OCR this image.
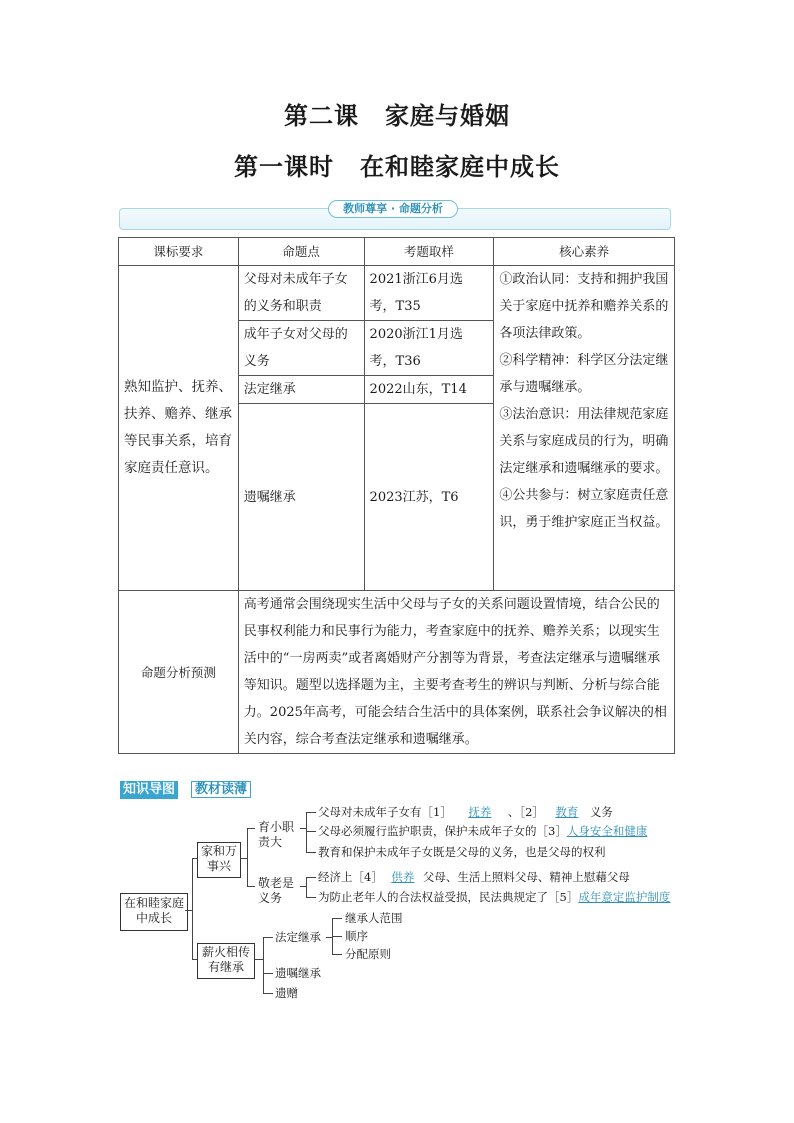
第二课 家庭与婚姻
第一课时 在和睦家庭中成长
教师尊享 · 命题分析
课标要求	命题点	考题取样	核心素养
熟知监护、抚养、扶养、赡养、继承等民事关系，培育家庭责任意识。	父母对未成年子女的义务和职责	2021浙江6月选考，T35	①政治认同：支持和拥护我国关于家庭中抚养和赡养关系的各项法律政策。
②科学精神：科学区分法定继承与遗嘱继承。
③法治意识：用法律规范家庭关系与家庭成员的行为，明确法定继承和遗嘱继承的要求。
④公共参与：树立家庭责任意识，勇于维护家庭正当权益。

	成年子女对父母的义务	2020浙江1月选考，T36	
	法定继承	2022山东，T14	
	遗嘱继承	2023江苏，T6	
命题分析预测	高考通常会围绕现实生活中父母与子女的关系问题设置情境，结合公民的民事权利能力和民事行为能力，考查家庭中的抚养、赡养关系；以现实生活中的“一房两卖”或者离婚财产分割等为背景，考查法定继承与遗嘱继承等知识。题型以选择题为主，主要考查考生的辨识与判断、分析与综合能力。2025年高考，可能会结合生活中的具体案例，联系社会争议解决的相关内容，综合考查法定继承和遗嘱继承。		
知识导图	教材读薄
在和睦家庭中成长
家和万事兴
育小职责大
父母对未成年子女有［1］ 抚养 、［2］ 教育 义务
父母必须履行监护职责，保护未成年子女的［3］人身安全和健康
教育和保护未成年子女既是父母的义务，也是父母的权利
敬老是义务
经济上［4］ 供养 父母、生活上照料父母、精神上慰藉父母
为防止老年人的合法权益受损，民法典规定了［5］成年意定监护制度
薪火相传有继承
法定继承
继承人范围
顺序
分配原则
遗嘱继承
遗赠
